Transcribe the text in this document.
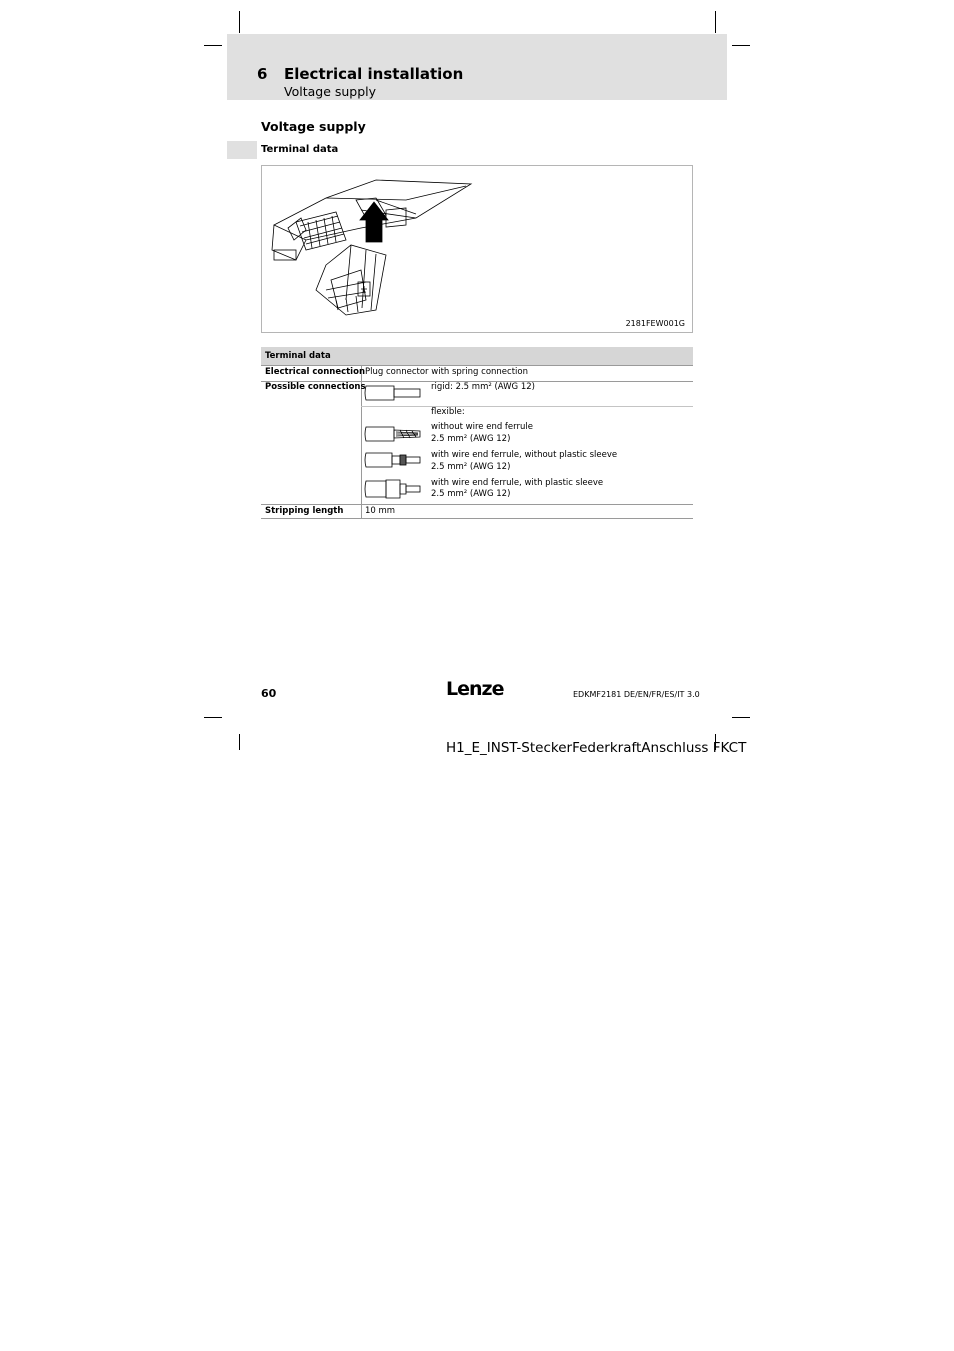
6 Electrical installation
Voltage supply
Voltage supply
Terminal data
2181FEW001G
Terminal data
Electrical connection Plug connector with spring connection
Possible connections	rigid: 2.5 mm² (AWG 12)
flexible:
without wire end ferrule
2.5 mm² (AWG 12)
with wire end ferrule, without plastic sleeve
2.5 mm² (AWG 12)
with wire end ferrule, with plastic sleeve
2.5 mm² (AWG 12)
Stripping length	10 mm
60	Lenze	EDKMF2181 DE/EN/FR/ES/IT 3.0
H1_E_INST-SteckerFederkraftAnschluss FKCT
